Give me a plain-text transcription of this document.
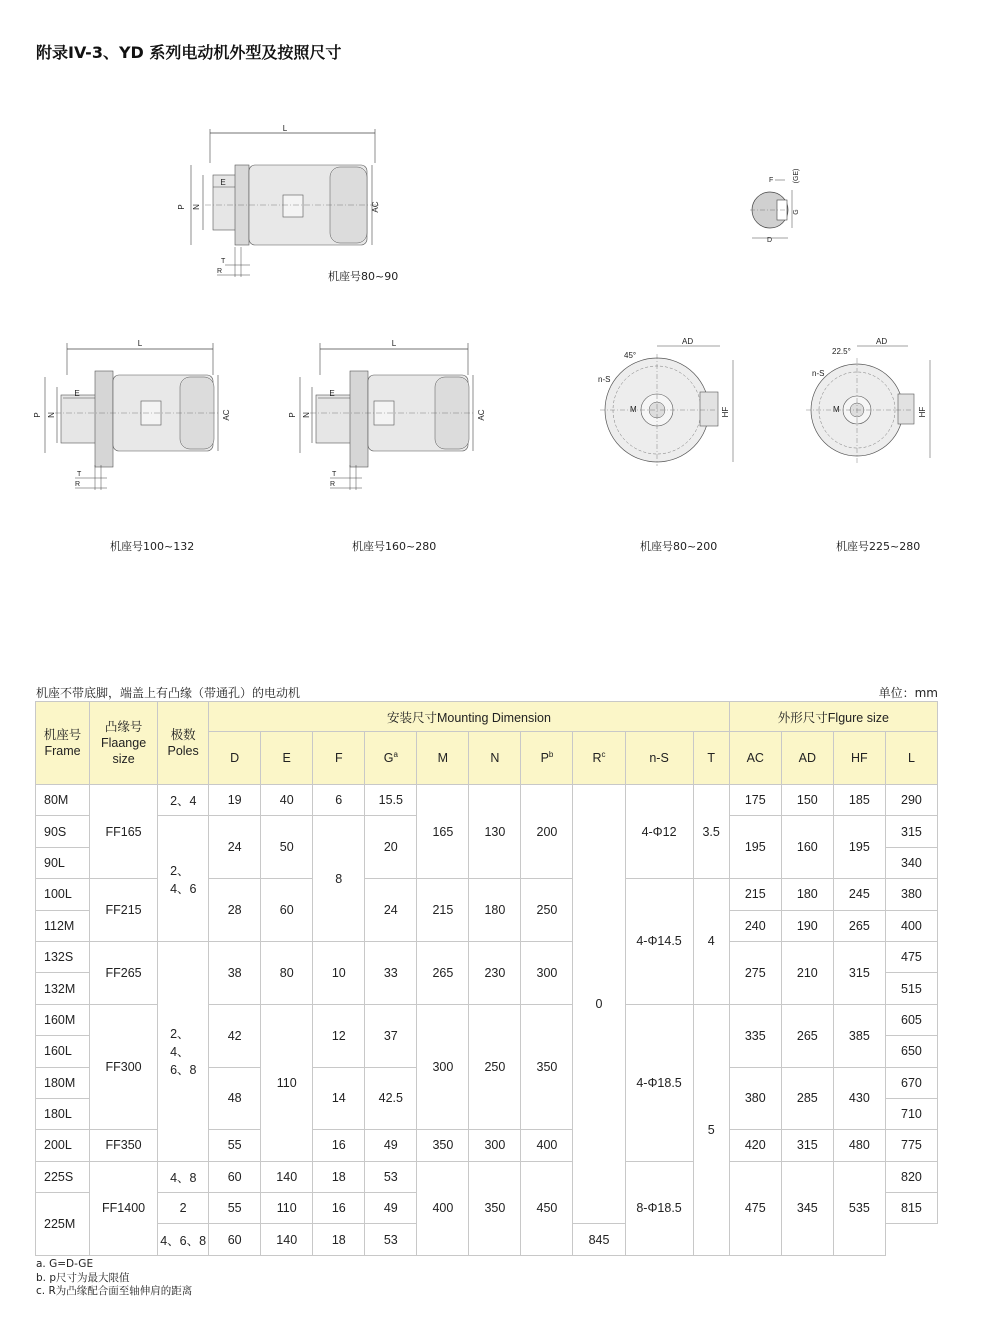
附录IV-3、YD 系列电动机外型及按照尺寸
L
P N	AC
E
T
R	机座号80~90
F	(GE)
G
D
L
P N	AC
E
T
R
机座号100~132
L
P N	AC
E
T
R
机座号160~280
AD
HF
45°
n-S
M
机座号80~200
AD
HF
22.5°
n-S
M
机座号225~280
机座不带底脚，端盖上有凸缘（带通孔）的电动机	单位：mm
机座号
Frame	凸缘号
Flaange
size	极数
Poles	安装尺寸Mounting Dimension										外形尺寸Flgure size			
			D	E	F	$G^a$	M	N	$P^b$	$R^c$	n-S	T	AC	AD	HF	L
80M	FF165	2、4	19	40	6	15.5	165	130	200	0	4-Φ12	3.5	175	150	185	290
90S		2、4、6	24	50	8	20							195	160	195	315
90L																340
100L	FF215		28	60		24	215	180	250		4-Φ14.5	4	215	180	245	380
112M													240	190	265	400
132S	FF265	2、4、6、8	38	80	10	33	265	230	300				275	210	315	475
132M																515
160M	FF300		42	110	12	37	300	250	350		4-Φ18.5	5	335	265	385	605
160L																650
180M			48		14	42.5							380	285	430	670
180L																710
200L	FF350		55		16	49	350	300	400				420	315	480	775
225S	FF1400	4、8	60	140	18	53	400	350	450		8-Φ18.5		475	345	535	820
225M		2	55	110	16	49										815
		4、6、8	60	140	18	53				845						
a. G=D-GE
b. p尺寸为最大限值
c. R为凸缘配合面至轴伸肩的距离
